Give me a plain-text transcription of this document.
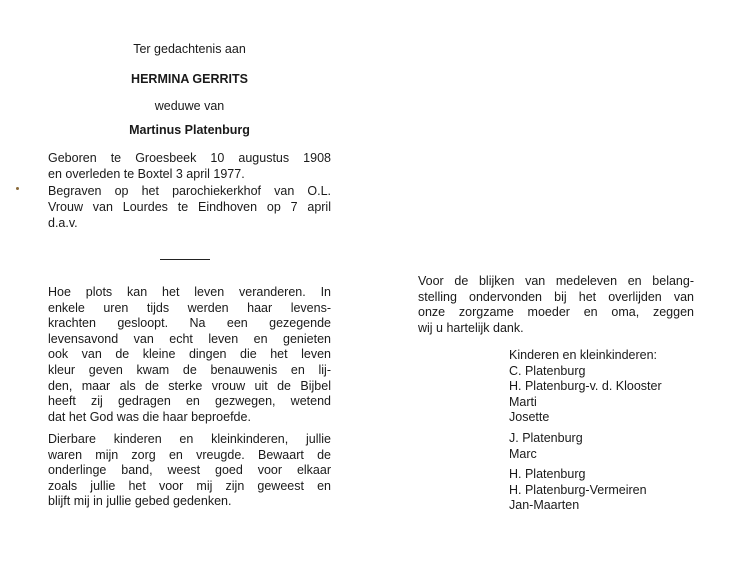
Ter gedachtenis aan
HERMINA GERRITS
weduwe van
Martinus Platenburg
Geboren te Groesbeek 10 augustus 1908
en overleden te Boxtel 3 april 1977.
Begraven op het parochiekerkhof van O.L.
Vrouw van Lourdes te Eindhoven op 7 april
d.a.v.
Hoe plots kan het leven veranderen. In
enkele uren tijds werden haar levens-
krachten gesloopt. Na een gezegende
levensavond van echt leven en genieten
ook van de kleine dingen die het leven
kleur geven kwam de benauwenis en lij-
den, maar als de sterke vrouw uit de Bijbel
heeft zij gedragen en gezwegen, wetend
dat het God was die haar beproefde.
Dierbare kinderen en kleinkinderen, jullie
waren mijn zorg en vreugde. Bewaart de
onderlinge band, weest goed voor elkaar
zoals jullie het voor mij zijn geweest en
blijft mij in jullie gebed gedenken.
Voor de blijken van medeleven en belang-
stelling ondervonden bij het overlijden van
onze zorgzame moeder en oma, zeggen
wij u hartelijk dank.
Kinderen en kleinkinderen:
C. Platenburg
H. Platenburg-v. d. Klooster
Marti
Josette
J. Platenburg
Marc
H. Platenburg
H. Platenburg-Vermeiren
Jan-Maarten
